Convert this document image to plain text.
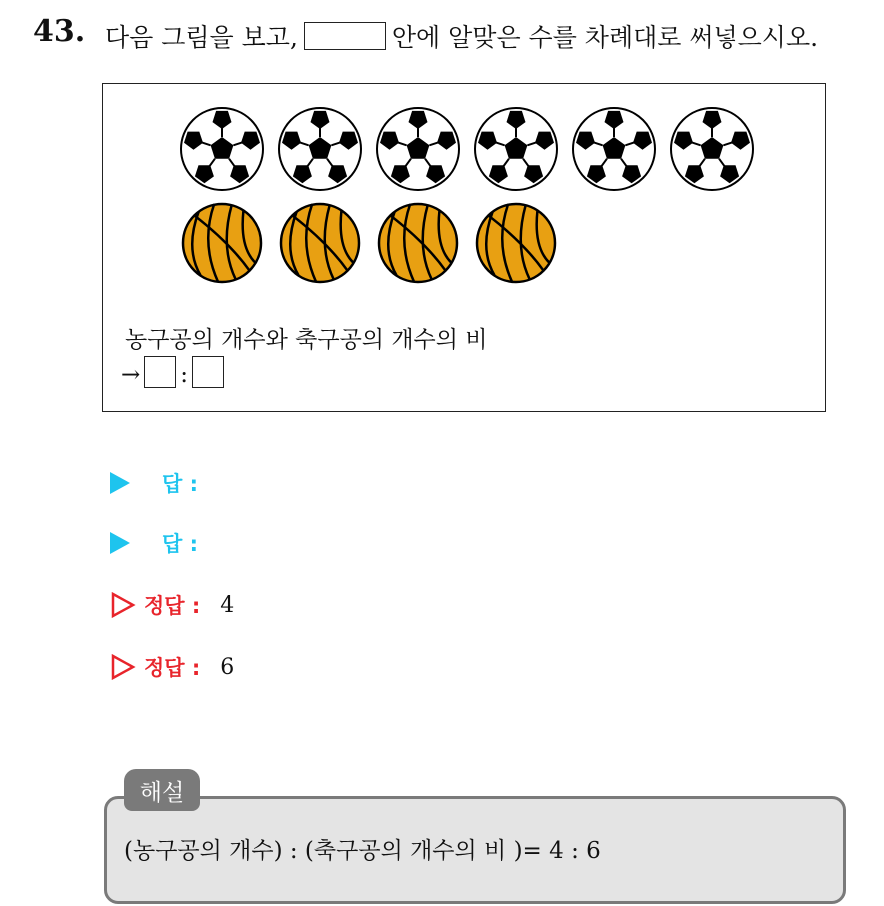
43. 다음 그림을 보고,	안에 알맞은 수를 차례대로 써넣으시오.
농구공의 개수와 축구공의 개수의 비
→ :
답 :
답 :
정답 : 4
정답 : 6
해설
(농구공의 개수) : (축구공의 개수의 비 )= 4 : 6
